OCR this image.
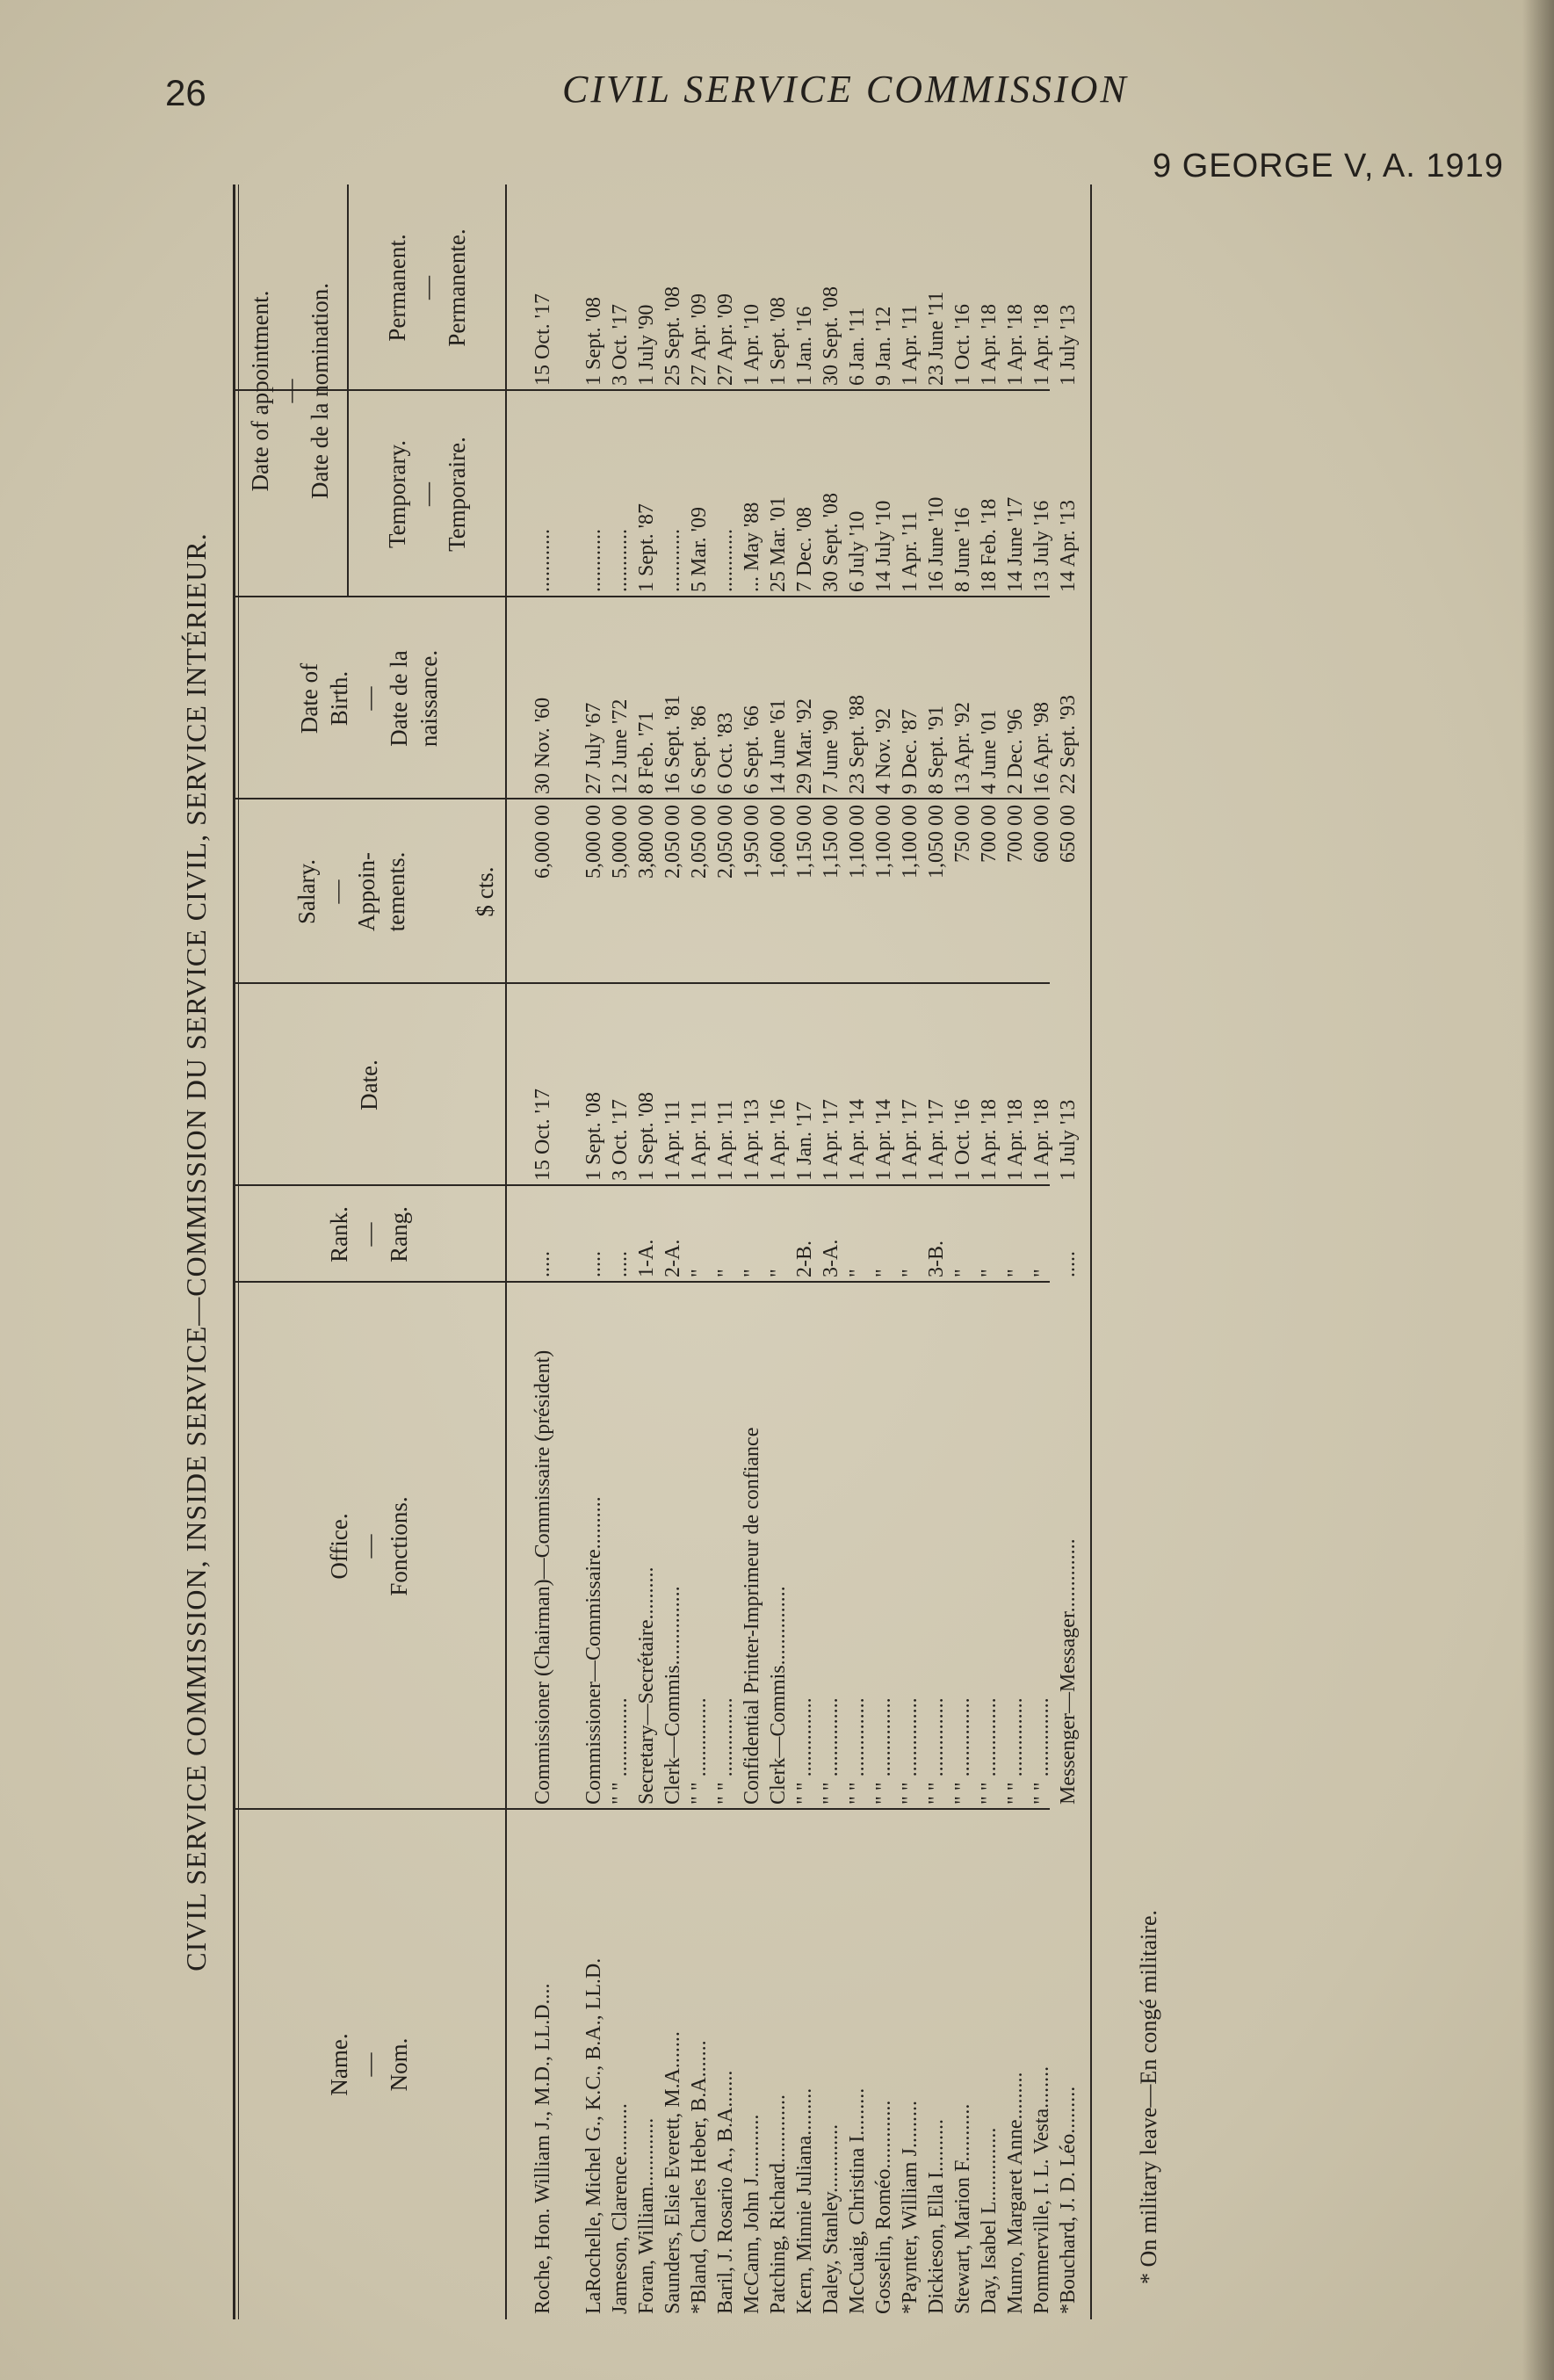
26	CIVIL SERVICE COMMISSION
9 GEORGE V, A. 1919
CIVIL SERVICE COMMISSION, INSIDE SERVICE—COMMISSION DU SERVICE CIVIL, SERVICE INTÉRIEUR.
Name. — Nom.
Office. — Fonctions.
Rank. — Rang.
Date.
Salary. — Appoin- tements.
Date of Birth. — Date de la naissance.
Date of appointment. — Date de la nomination. Temporary. — Temporaire.
Permanent. — Permanente.
$ cts.
Roche, Hon. William J., M.D., LL.D....
Commissioner (Chairman)—Commissaire (président)
.....
15 Oct. '17
6,000 00
30 Nov. '60
............
15 Oct. '17
LaRochelle, Michel G., K.C., B.A., LL.D.
Commissioner—Commissaire..........
.....
1 Sept. '08
5,000 00
27 July '67
............
1 Sept. '08
Jameson, Clarence..........
" " ...............
.....
3 Oct. '17
5,000 00
12 June '72
............
3 Oct. '17
Foran, William.............
Secretary—Secrétaire..........
1-A.
1 Sept. '08
3,800 00
8 Feb. '71
1 Sept. '87
1 July '90
Saunders, Elsie Everett, M.A.......
Clerk—Commis...............
2-A.
1 Apr. '11
2,050 00
16 Sept. '81
............
25 Sept. '08
*Bland, Charles Heber, B.A.......
" " ...............
"
1 Apr. '11
2,050 00
6 Sept. '86
5 Mar. '09
27 Apr. '09
Baril, J. Rosario A., B.A.......
" " ...............
"
1 Apr. '11
2,050 00
6 Oct. '83
............
27 Apr. '09
McCann, John J............
Confidential Printer-Imprimeur de confiance
"
1 Apr. '13
1,950 00
6 Sept. '66
... May '88
1 Apr. '10
Patching, Richard.............
Clerk—Commis...............
"
1 Apr. '16
1,600 00
14 June '61
25 Mar. '01
1 Sept. '08
Kern, Minnie Juliana.........
" " ...............
2-B.
1 Jan. '17
1,150 00
29 Mar. '92
7 Dec. '08
1 Jan. '16
Daley, Stanley.............
" " ...............
3-A.
1 Apr. '17
1,150 00
7 June '90
30 Sept. '08
30 Sept. '08
McCuaig, Christina I.........
" " ...............
"
1 Apr. '14
1,100 00
23 Sept. '88
6 July '10
6 Jan. '11
Gosselin, Roméo.............
" " ...............
"
1 Apr. '14
1,100 00
4 Nov. '92
14 July '10
9 Jan. '12
*Paynter, William J.........
" " ...............
"
1 Apr. '17
1,100 00
9 Dec. '87
1 Apr. '11
1 Apr. '11
Dickieson, Ella I..........
" " ...............
3-B.
1 Apr. '17
1,050 00
8 Sept. '91
16 June '10
23 June '11
Stewart, Marion F...........
" " ...............
"
1 Oct. '16
750 00
13 Apr. '92
8 June '16
1 Oct. '16
Day, Isabel L..............
" " ...............
"
1 Apr. '18
700 00
4 June '01
18 Feb. '18
1 Apr. '18
Munro, Margaret Anne.........
" " ...............
"
1 Apr. '18
700 00
2 Dec. '96
14 June '17
1 Apr. '18
Pommerville, I. L. Vesta........
" " ...............
"
1 Apr. '18
600 00
16 Apr. '98
13 July '16
1 Apr. '18
*Bouchard, J. D. Léo.........
Messenger—Messager..............
.....
1 July '13
650 00
22 Sept. '93
14 Apr. '13
1 July '13
* On military leave—En congé militaire.
